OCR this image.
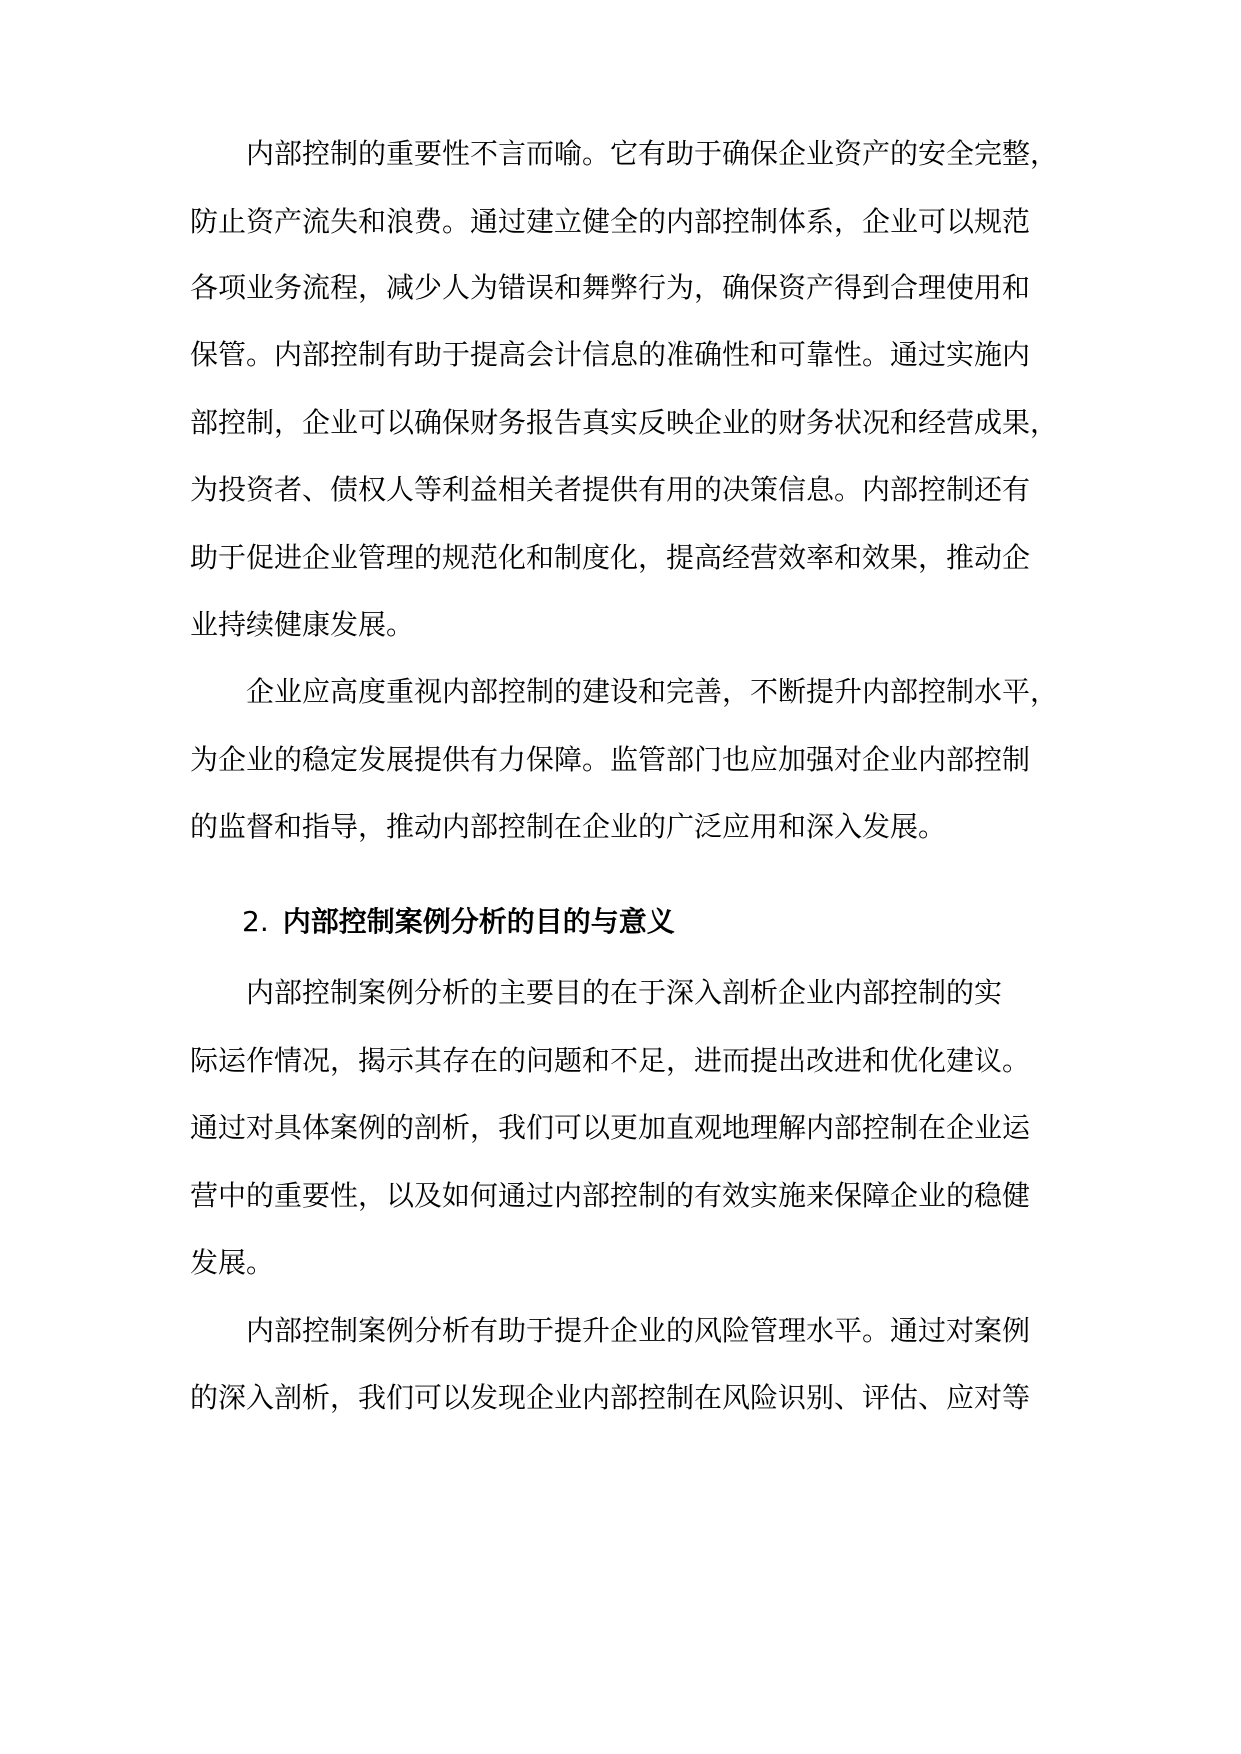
内部控制的重要性不言而喻。它有助于确保企业资产的安全完整，
防止资产流失和浪费。通过建立健全的内部控制体系，企业可以规范
各项业务流程，减少人为错误和舞弊行为，确保资产得到合理使用和
保管。内部控制有助于提高会计信息的准确性和可靠性。通过实施内
部控制，企业可以确保财务报告真实反映企业的财务状况和经营成果，
为投资者、债权人等利益相关者提供有用的决策信息。内部控制还有
助于促进企业管理的规范化和制度化，提高经营效率和效果，推动企
业持续健康发展。
企业应高度重视内部控制的建设和完善，不断提升内部控制水平，
为企业的稳定发展提供有力保障。监管部门也应加强对企业内部控制
的监督和指导，推动内部控制在企业的广泛应用和深入发展。
2. 内部控制案例分析的目的与意义
内部控制案例分析的主要目的在于深入剖析企业内部控制的实
际运作情况，揭示其存在的问题和不足，进而提出改进和优化建议。
通过对具体案例的剖析，我们可以更加直观地理解内部控制在企业运
营中的重要性，以及如何通过内部控制的有效实施来保障企业的稳健
发展。
内部控制案例分析有助于提升企业的风险管理水平。通过对案例
的深入剖析，我们可以发现企业内部控制在风险识别、评估、应对等
